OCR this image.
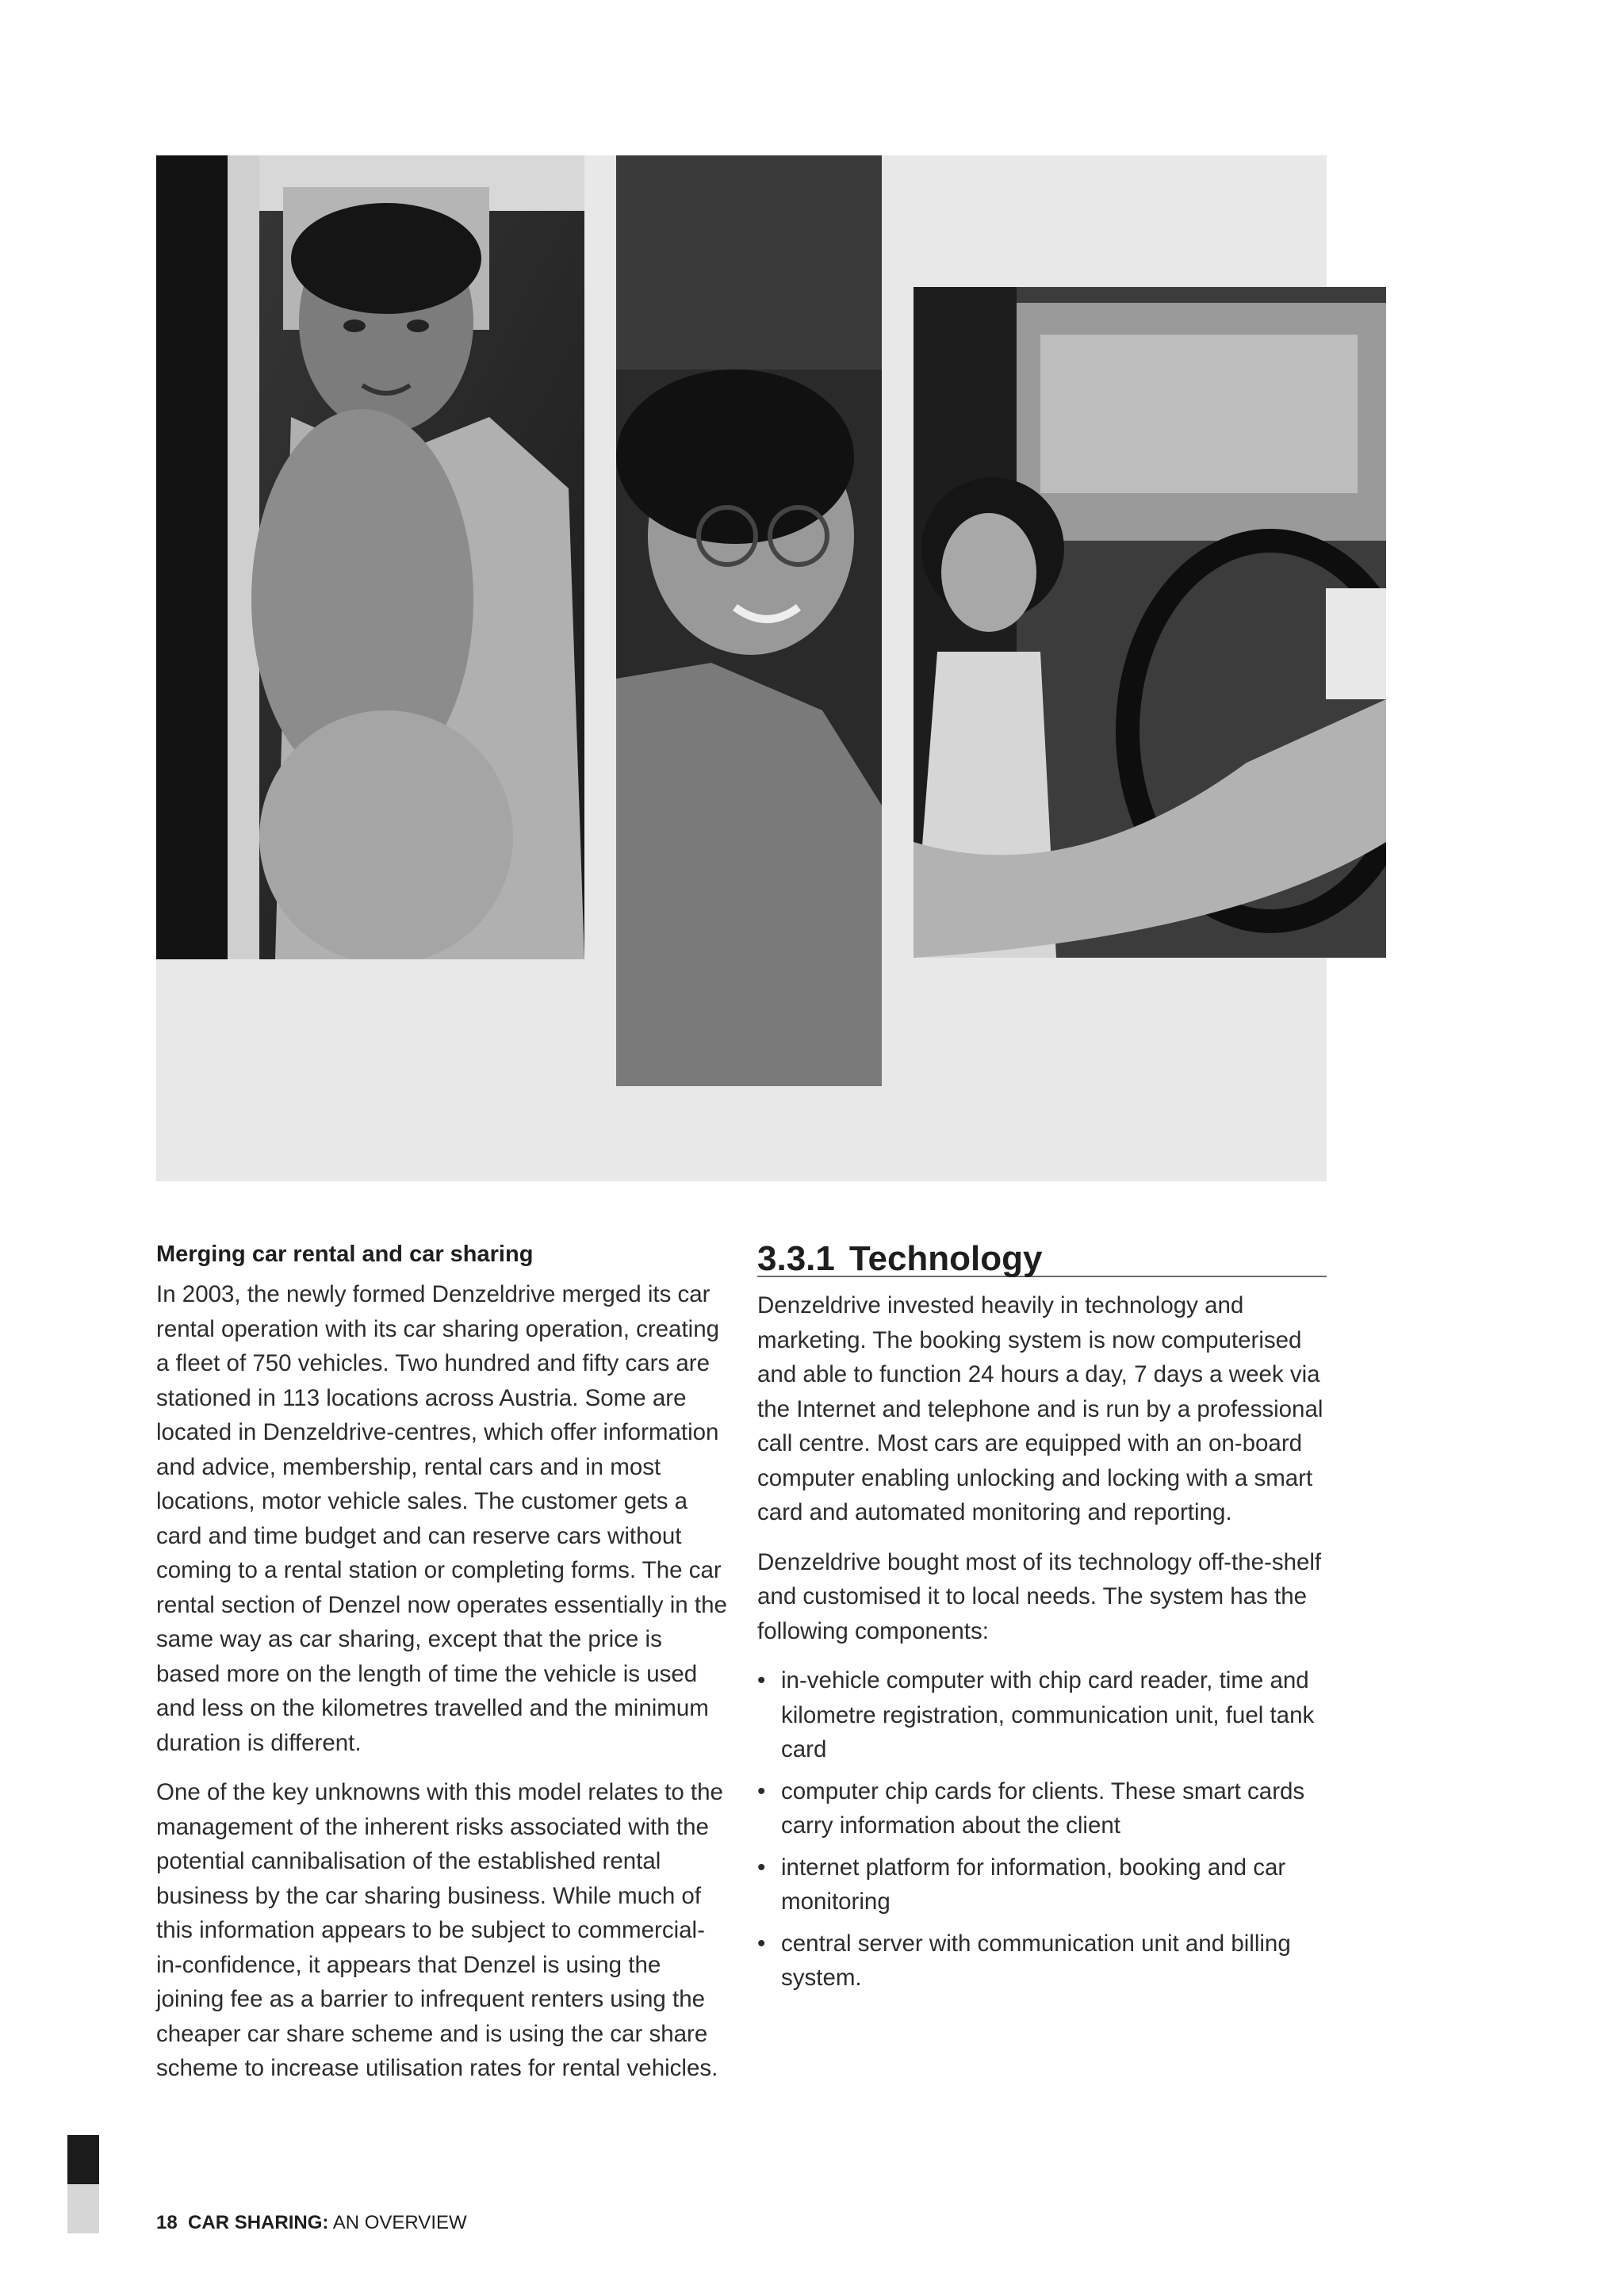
Merging car rental and car sharing

In 2003, the newly formed Denzeldrive merged its car rental operation with its car sharing operation, creating a fleet of 750 vehicles. Two hundred and fifty cars are stationed in 113 locations across Austria. Some are located in Denzeldrive-centres, which offer information and advice, membership, rental cars and in most locations, motor vehicle sales. The customer gets a card and time budget and can reserve cars without coming to a rental station or completing forms. The car rental section of Denzel now operates essentially in the same way as car sharing, except that the price is based more on the length of time the vehicle is used and less on the kilometres travelled and the minimum duration is different.

One of the key unknowns with this model relates to the management of the inherent risks associated with the potential cannibalisation of the established rental business by the car sharing business. While much of this information appears to be subject to commercial-in-confidence, it appears that Denzel is using the joining fee as a barrier to infrequent renters using the cheaper car share scheme and is using the car share scheme to increase utilisation rates for rental vehicles.

3.3.1 Technology

Denzeldrive invested heavily in technology and marketing. The booking system is now computerised and able to function 24 hours a day, 7 days a week via the Internet and telephone and is run by a professional call centre. Most cars are equipped with an on-board computer enabling unlocking and locking with a smart card and automated monitoring and reporting.

Denzeldrive bought most of its technology off-the-shelf and customised it to local needs. The system has the following components:

• in-vehicle computer with chip card reader, time and kilometre registration, communication unit, fuel tank card
• computer chip cards for clients. These smart cards carry information about the client
• internet platform for information, booking and car monitoring
• central server with communication unit and billing system.
18 CAR SHARING: AN OVERVIEW
